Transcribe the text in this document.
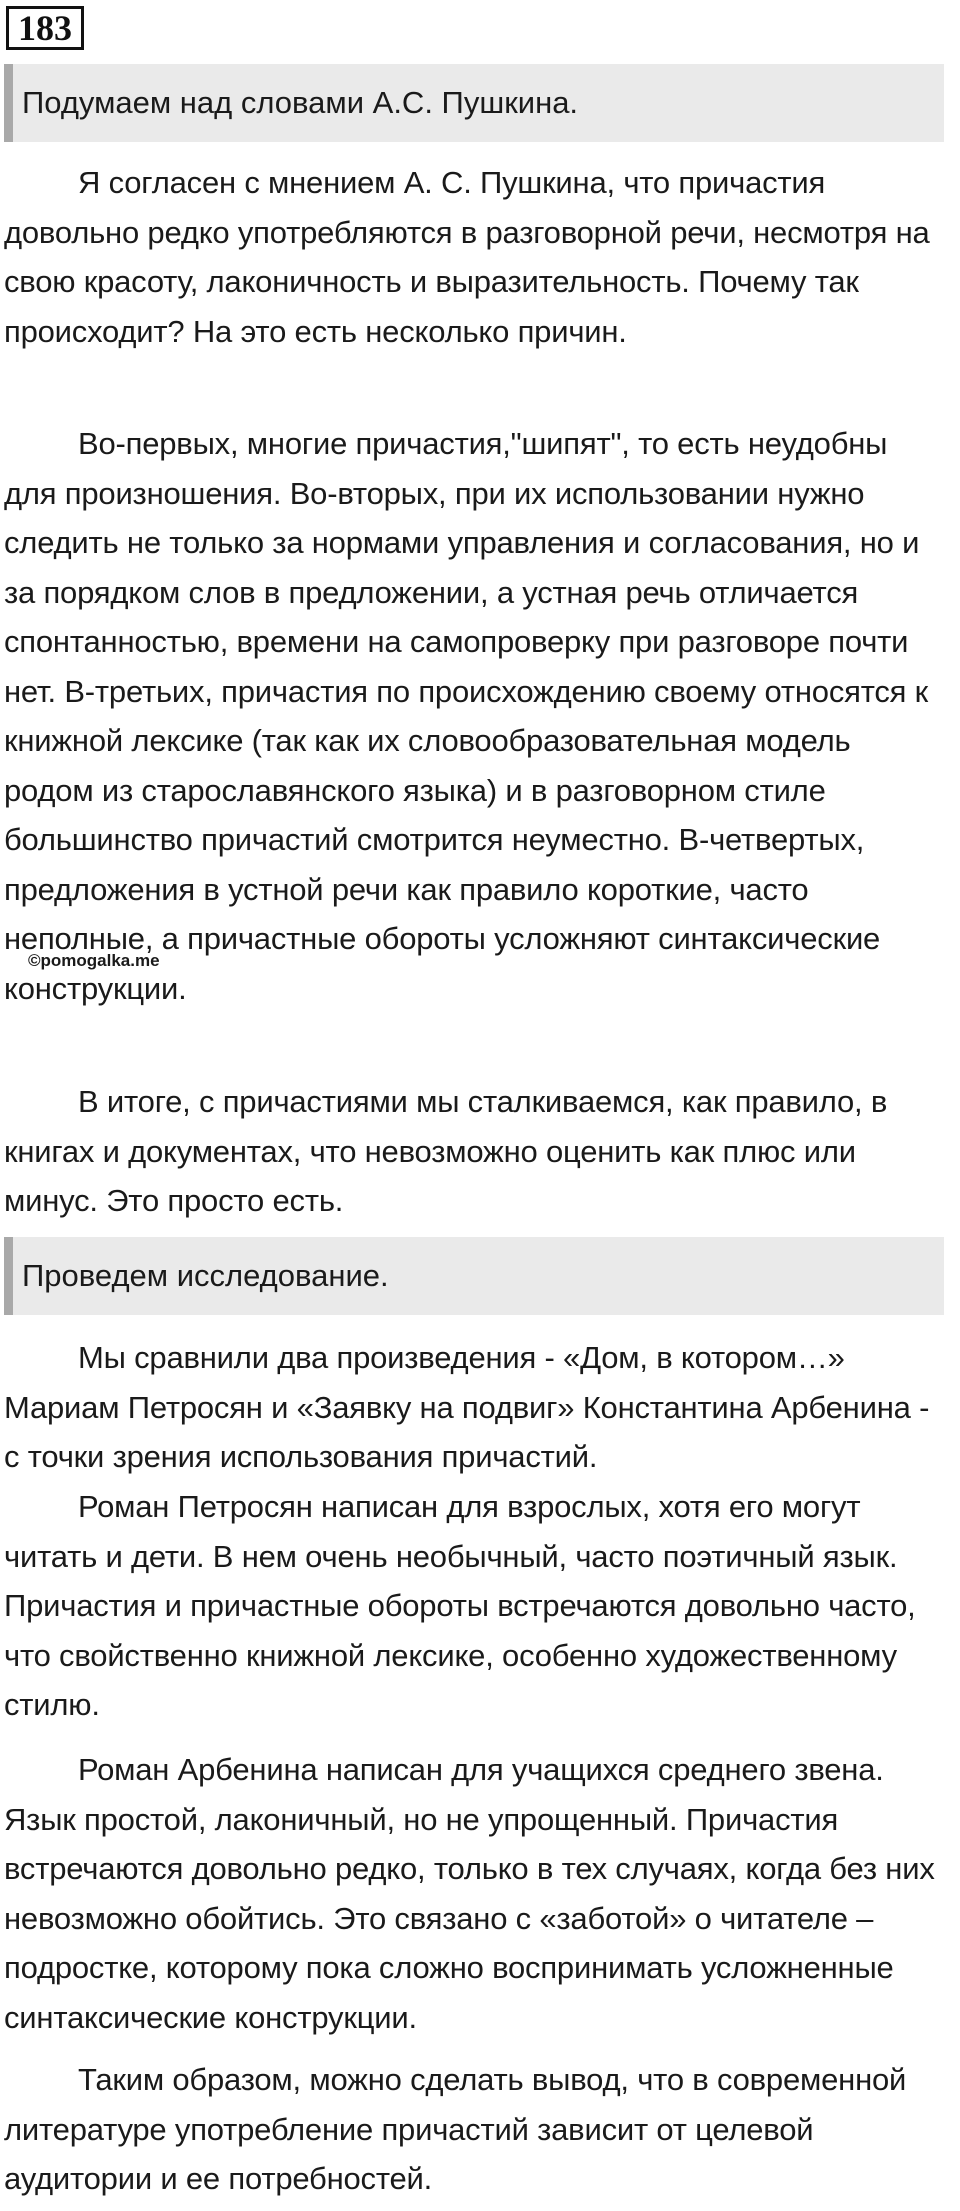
183
Подумаем над словами А.С. Пушкина.

Я согласен с мнением А. С. Пушкина, что причастия довольно редко употребляются в разговорной речи, несмотря на свою красоту, лаконичность и выразительность. Почему так происходит? На это есть несколько причин.

Во-первых, многие причастия,"шипят", то есть неудобны для произношения. Во-вторых, при их использовании нужно следить не только за нормами управления и согласования, но и за порядком слов в предложении, а устная речь отличается спонтанностью, времени на самопроверку при разговоре почти нет. В-третьих, причастия по происхождению своему относятся к книжной лексике (так как их словообразовательная модель родом из старославянского языка) и в разговорном стиле большинство причастий смотрится неуместно. В-четвертых, предложения в устной речи как правило короткие, часто неполные, а причастные обороты усложняют синтаксические конструкции.

В итоге, с причастиями мы сталкиваемся, как правило, в книгах и документах, что невозможно оценить как плюс или минус. Это просто есть.

©pomogalka.me
Проведем исследование.

Мы сравнили два произведения - «Дом, в котором…» Мариам Петросян и «Заявку на подвиг» Константина Арбенина - с точки зрения использования причастий.

Роман Петросян написан для взрослых, хотя его могут читать и дети. В нем очень необычный, часто поэтичный язык. Причастия и причастные обороты встречаются довольно часто, что свойственно книжной лексике, особенно художественному стилю.

Роман Арбенина написан для учащихся среднего звена. Язык простой, лаконичный, но не упрощенный. Причастия встречаются довольно редко, только в тех случаях, когда без них невозможно обойтись. Это связано с «заботой» о читателе – подростке, которому пока сложно воспринимать усложненные синтаксические конструкции.

Таким образом, можно сделать вывод, что в современной литературе употребление причастий зависит от целевой аудитории и ее потребностей.
